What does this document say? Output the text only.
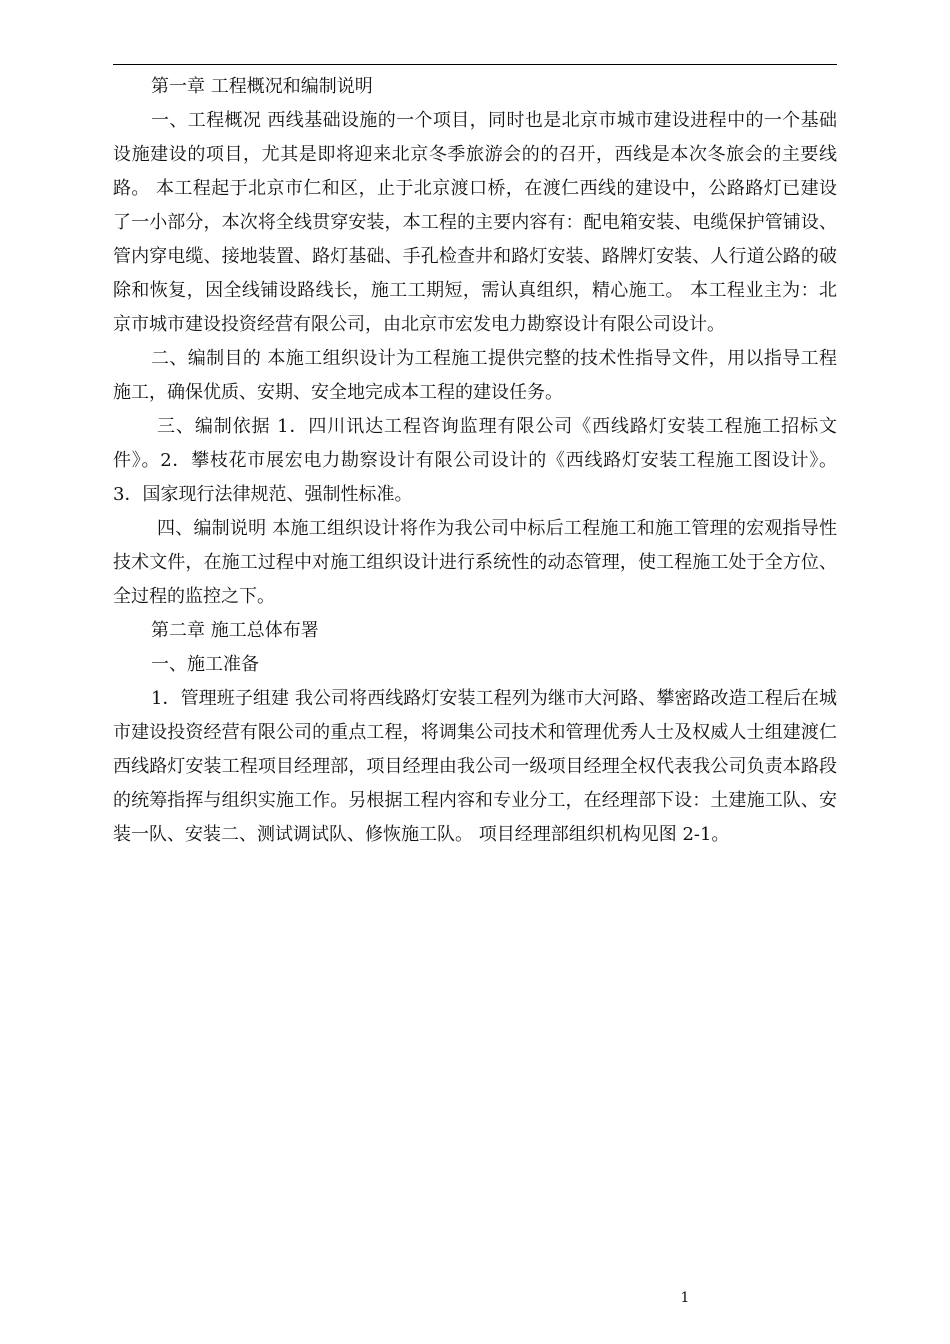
第一章 工程概况和编制说明

一、工程概况 西线基础设施的一个项目，同时也是北京市城市建设进程中的一个基础设施建设的项目，尤其是即将迎来北京冬季旅游会的的召开，西线是本次冬旅会的主要线路。 本工程起于北京市仁和区，止于北京渡口桥，在渡仁西线的建设中，公路路灯已建设了一小部分，本次将全线贯穿安装，本工程的主要内容有：配电箱安装、电缆保护管铺设、管内穿电缆、接地装置、路灯基础、手孔检查井和路灯安装、路牌灯安装、人行道公路的破除和恢复，因全线铺设路线长，施工工期短，需认真组织，精心施工。 本工程业主为：北京市城市建设投资经营有限公司，由北京市宏发电力勘察设计有限公司设计。

二、编制目的 本施工组织设计为工程施工提供完整的技术性指导文件，用以指导工程施工，确保优质、安期、安全地完成本工程的建设任务。

三、编制依据 1．四川讯达工程咨询监理有限公司《西线路灯安装工程施工招标文件》。2．攀枝花市展宏电力勘察设计有限公司设计的《西线路灯安装工程施工图设计》。3．国家现行法律规范、强制性标准。

四、编制说明 本施工组织设计将作为我公司中标后工程施工和施工管理的宏观指导性技术文件，在施工过程中对施工组织设计进行系统性的动态管理，使工程施工处于全方位、全过程的监控之下。

第二章 施工总体布署

一、施工准备

1．管理班子组建 我公司将西线路灯安装工程列为继市大河路、攀密路改造工程后在城市建设投资经营有限公司的重点工程，将调集公司技术和管理优秀人士及权威人士组建渡仁西线路灯安装工程项目经理部，项目经理由我公司一级项目经理全权代表我公司负责本路段的统筹指挥与组织实施工作。另根据工程内容和专业分工，在经理部下设：土建施工队、安装一队、安装二、测试调试队、修恢施工队。 项目经理部组织机构见图 2-1。

1
